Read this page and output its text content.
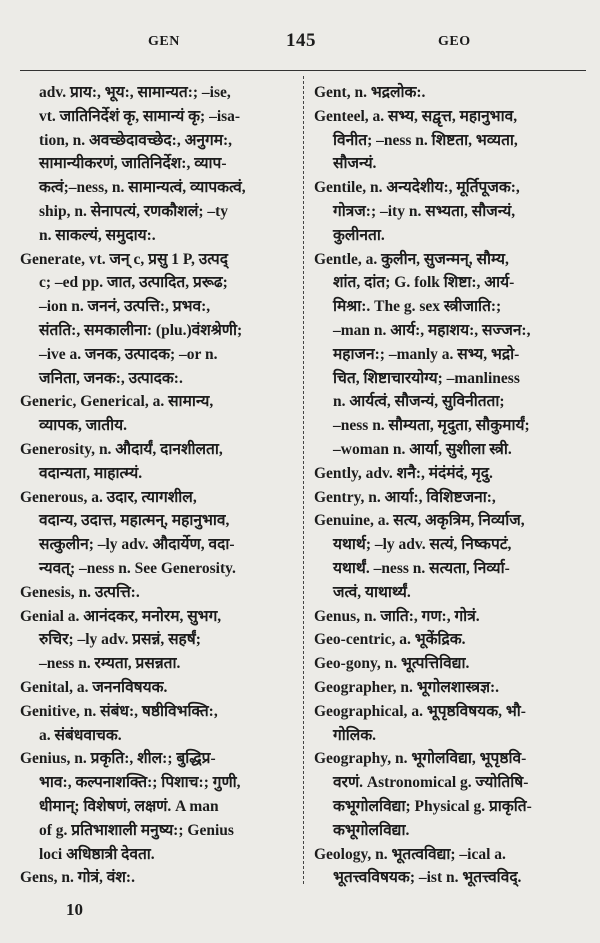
GEN	145	GEO
adv. प्राय:, भूय:, सामान्यत:; –ise,
vt. जातिनिर्देशं कृ, सामान्यं कृ; –isa-
tion, n. अवच्छेदावच्छेद:, अनुगम:,
सामान्यीकरणं, जातिनिर्देश:, व्याप-
कत्वं;–ness, n. सामान्यत्वं, व्यापकत्वं,
ship, n. सेनापत्यं, रणकौशलं; –ty
n. साकल्यं, समुदाय:.
Generate, vt. जन् c, प्रसु 1 P, उत्पद्
c; –ed pp. जात, उत्पादित, प्ररूढ;
–ion n. जननं, उत्पत्ति:, प्रभव:,
संतति:, समकालीना: (plu.)वंशश्रेणी;
–ive a. जनक, उत्पादक; –or n.
जनिता, जनक:, उत्पादक:.
Generic, Generical, a. सामान्य,
व्यापक, जातीय.
Generosity, n. औदार्यं, दानशीलता,
वदान्यता, माहात्म्यं.
Generous, a. उदार, त्यागशील,
वदान्य, उदात्त, महात्मन्, महानुभाव,
सत्कुलीन; –ly adv. औदार्येण, वदा-
न्यवत्; –ness n. See Generosity.
Genesis, n. उत्पत्ति:.
Genial a. आनंदकर, मनोरम, सुभग,
रुचिर; –ly adv. प्रसन्नं, सहर्षं;
–ness n. रम्यता, प्रसन्नता.
Genital, a. जननविषयक.
Genitive, n. संबंध:, षष्ठीविभक्ति:,
a. संबंधवाचक.
Genius, n. प्रकृति:, शील:; बुद्धिप्र-
भाव:, कल्पनाशक्ति:; पिशाच:; गुणी,
धीमान्; विशेषणं, लक्षणं. A man
of g. प्रतिभाशाली मनुष्य:; Genius
loci अधिष्ठात्री देवता.
Gens, n. गोत्रं, वंश:.
Gent, n. भद्रलोक:.
Genteel, a. सभ्य, सद्वृत्त, महानुभाव,
विनीत; –ness n. शिष्टता, भव्यता,
सौजन्यं.
Gentile, n. अन्यदेशीय:, मूर्तिपूजक:,
गोत्रज:; –ity n. सभ्यता, सौजन्यं,
कुलीनता.
Gentle, a. कुलीन, सुजन्मन्, सौम्य,
शांत, दांत; G. folk शिष्टा:, आर्य-
मिश्रा:. The g. sex स्त्रीजाति:;
–man n. आर्य:, महाशय:, सज्जन:,
महाजन:; –manly a. सभ्य, भद्रो-
चित, शिष्टाचारयोग्य; –manliness
n. आर्यत्वं, सौजन्यं, सुविनीतता;
–ness n. सौम्यता, मृदुता, सौकुमार्यं;
–woman n. आर्या, सुशीला स्त्री.
Gently, adv. शनै:, मंदंमंदं, मृदु.
Gentry, n. आर्या:, विशिष्टजना:,
Genuine, a. सत्य, अकृत्रिम, निर्व्याज,
यथार्थ; –ly adv. सत्यं, निष्कपटं,
यथार्थं. –ness n. सत्यता, निर्व्या-
जत्वं, याथार्थ्यं.
Genus, n. जाति:, गण:, गोत्रं.
Geo-centric, a. भूकेंद्रिक.
Geo-gony, n. भूत्पत्तिविद्या.
Geographer, n. भूगोलशास्त्रज्ञ:.
Geographical, a. भूपृष्ठविषयक, भौ-
गोलिक.
Geography, n. भूगोलविद्या, भूपृष्ठवि-
वरणं. Astronomical g. ज्योतिषि-
कभूगोलविद्या; Physical g. प्राकृति-
कभूगोलविद्या.
Geology, n. भूतत्वविद्या; –ical a.
भूतत्त्वविषयक; –ist n. भूतत्त्वविद्.
10
